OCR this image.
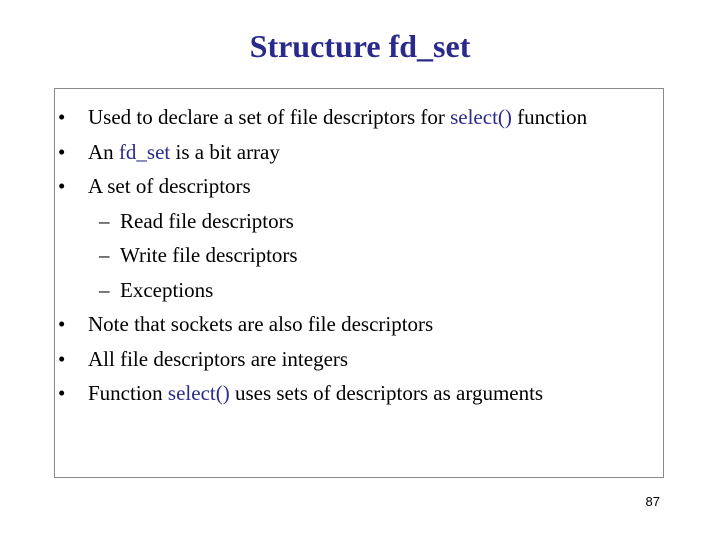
Structure fd_set
• Used to declare a set of file descriptors for select() function
• An fd_set is a bit array
• A set of descriptors
– Read file descriptors
– Write file descriptors
– Exceptions
• Note that sockets are also file descriptors
• All file descriptors are integers
• Function select() uses sets of descriptors as arguments
87
